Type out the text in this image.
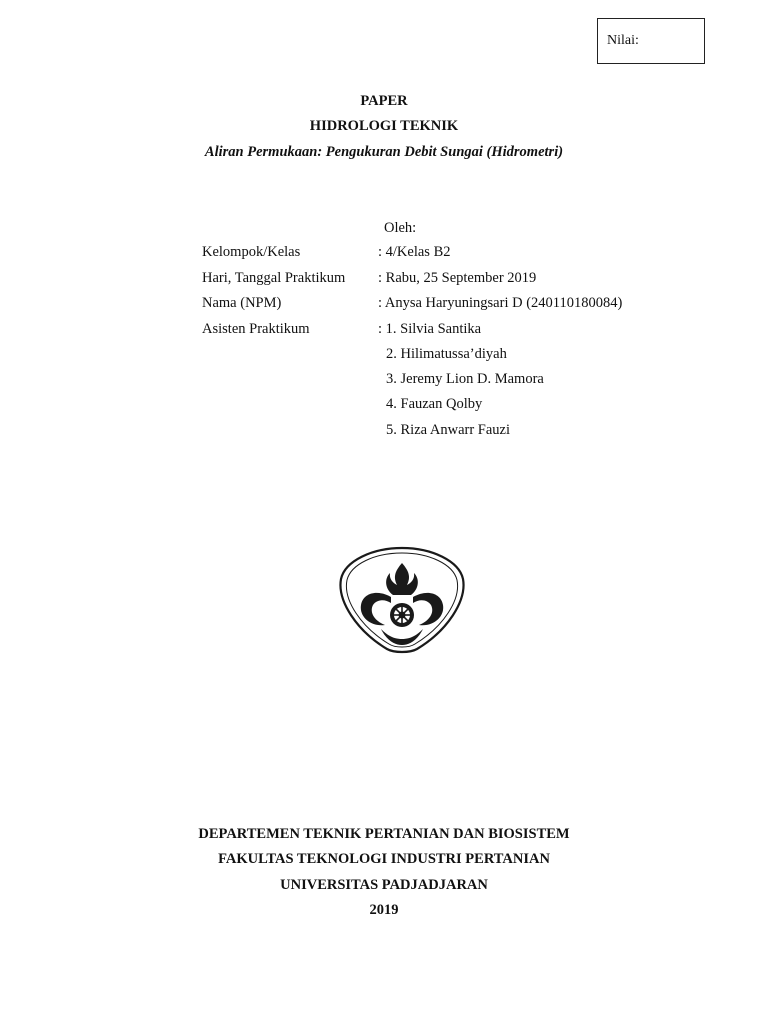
Nilai:
PAPER
HIDROLOGI TEKNIK
Aliran Permukaan: Pengukuran Debit Sungai (Hidrometri)
Oleh:
Kelompok/Kelas	: 4/Kelas B2
Hari, Tanggal Praktikum : Rabu, 25 September 2019
Nama (NPM)	: Anysa Haryuningsari D (240110180084)
Asisten Praktikum	: 1. Silvia Santika
2. Hilimatussa’diyah
3. Jeremy Lion D. Mamora
4. Fauzan Qolby
5. Riza Anwarr Fauzi
DEPARTEMEN TEKNIK PERTANIAN DAN BIOSISTEM
FAKULTAS TEKNOLOGI INDUSTRI PERTANIAN
UNIVERSITAS PADJADJARAN
2019
